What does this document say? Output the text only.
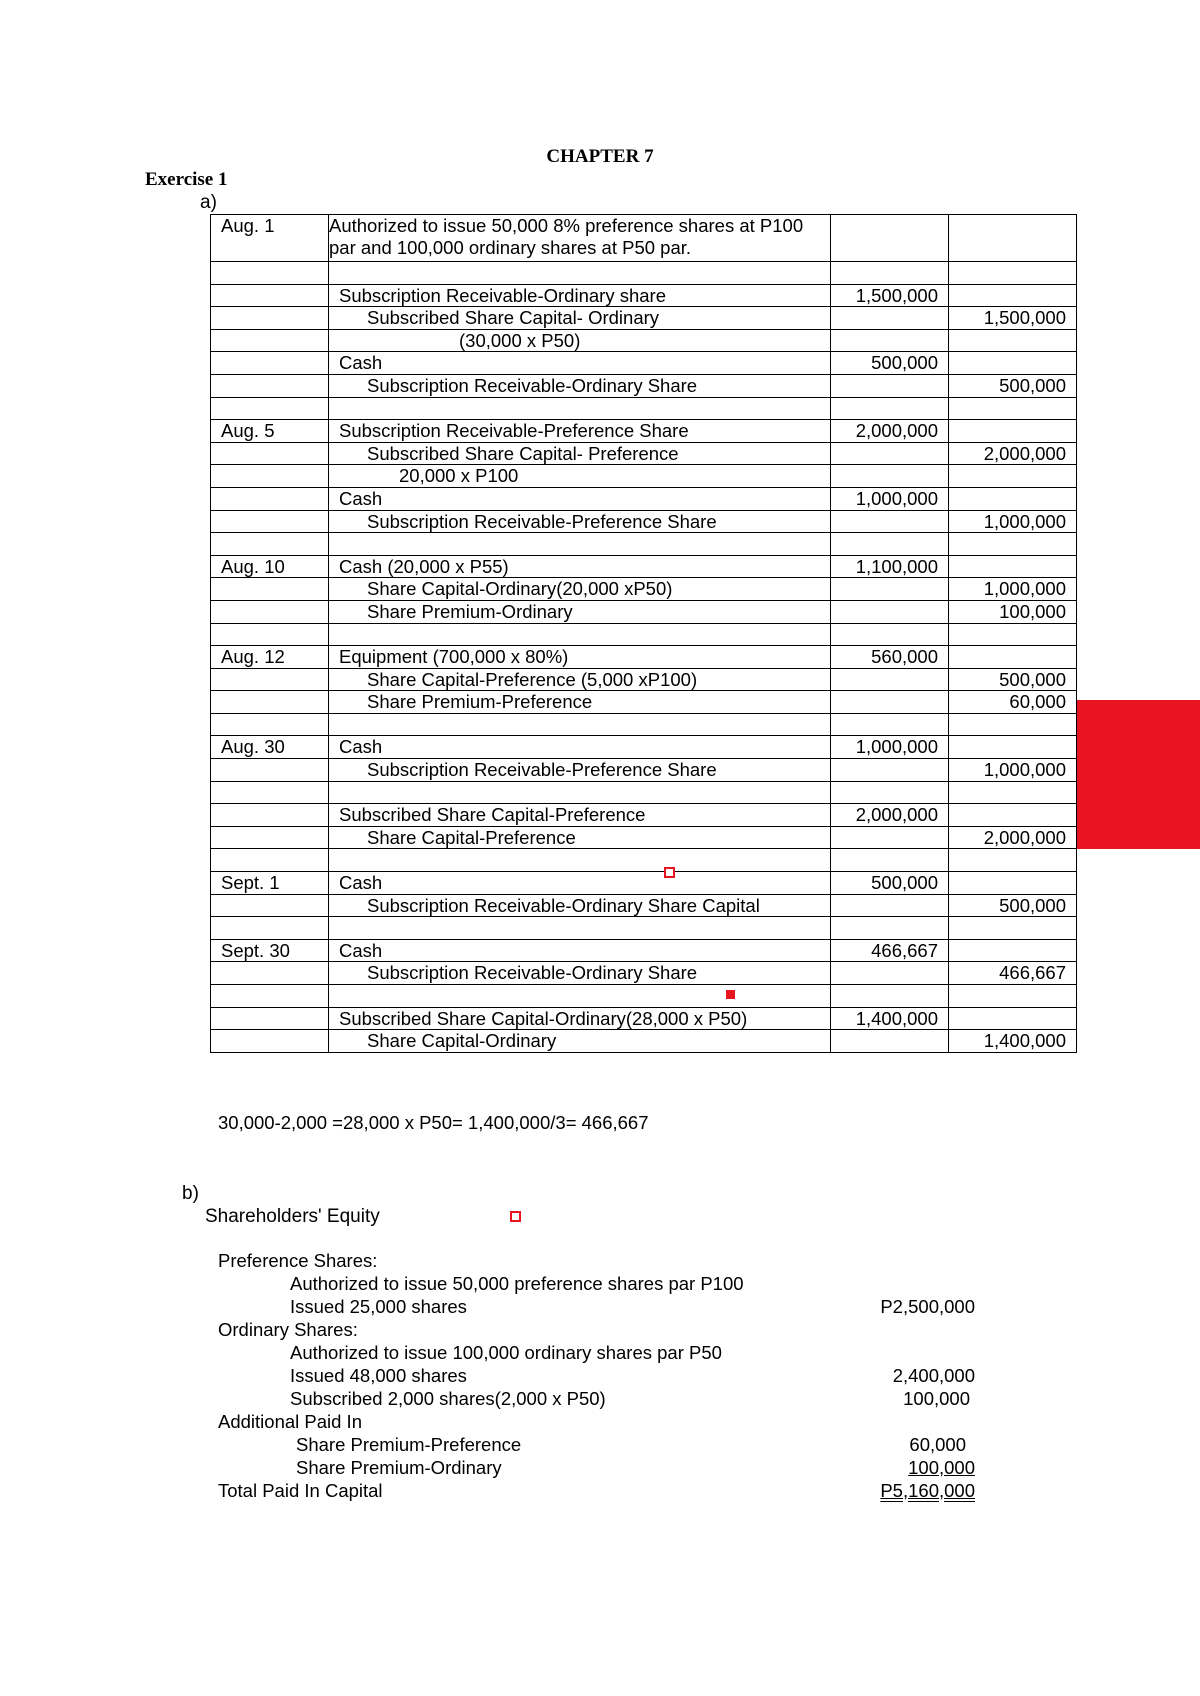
CHAPTER 7
Exercise 1
a)
Aug. 1	Authorized to issue 50,000 8% preference shares at P100 par and 100,000 ordinary shares at P50 par.		

	Subscription Receivable-Ordinary share	1,500,000	
	Subscribed Share Capital- Ordinary		1,500,000
	(30,000 x P50)		
	Cash	500,000	
	Subscription Receivable-Ordinary Share		500,000

Aug. 5	Subscription Receivable-Preference Share	2,000,000	
	Subscribed Share Capital- Preference		2,000,000
	20,000 x P100		
	Cash	1,000,000	
	Subscription Receivable-Preference Share		1,000,000

Aug. 10	Cash (20,000 x P55)	1,100,000	
	Share Capital-Ordinary(20,000 xP50)		1,000,000
	Share Premium-Ordinary		100,000

Aug. 12	Equipment (700,000 x 80%)	560,000	
	Share Capital-Preference (5,000 xP100)		500,000
	Share Premium-Preference		60,000

Aug. 30	Cash	1,000,000	
	Subscription Receivable-Preference Share		1,000,000

	Subscribed Share Capital-Preference	2,000,000	
	Share Capital-Preference		2,000,000

Sept. 1	Cash	500,000	
	Subscription Receivable-Ordinary Share Capital		500,000

Sept. 30	Cash	466,667	
	Subscription Receivable-Ordinary Share		466,667

	Subscribed Share Capital-Ordinary(28,000 x P50)	1,400,000	
	Share Capital-Ordinary		1,400,000
30,000-2,000 =28,000 x P50= 1,400,000/3= 466,667
b)
Shareholders' Equity
Preference Shares:
Authorized to issue 50,000 preference shares par P100
Issued 25,000 shares	P2,500,000
Ordinary Shares:
Authorized to issue 100,000 ordinary shares par P50
Issued 48,000 shares	2,400,000
Subscribed 2,000 shares(2,000 x P50)	100,000
Additional Paid In
Share Premium-Preference	60,000
Share Premium-Ordinary	100,000
Total Paid In Capital	P5,160,000
